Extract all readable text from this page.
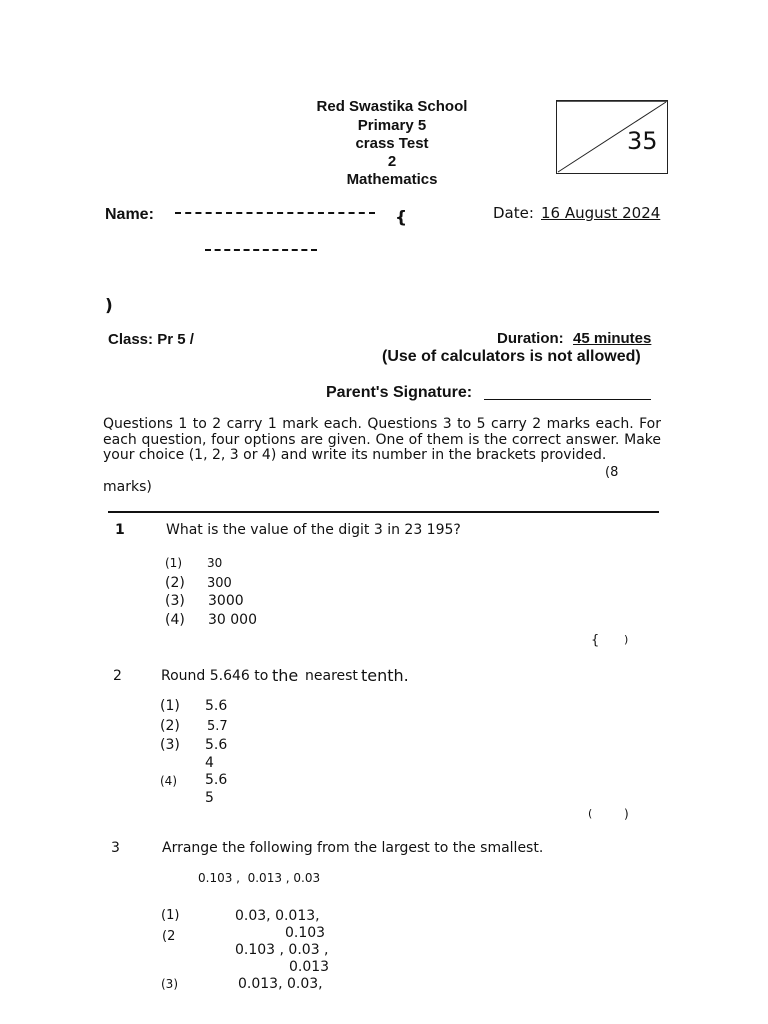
Red Swastika School
Primary 5
crass Test
2
Mathematics
35
Name:	{
)
Date: 16 August 2024
Class: Pr 5 /	Duration: 45 minutes
(Use of calculators is not allowed)
Parent's Signature:
Questions 1 to 2 carry 1 mark each. Questions 3 to 5 carry 2 marks each. For each question, four options are given. One of them is the correct answer. Make your choice (1, 2, 3 or 4) and write its number in the brackets provided.
(8
marks)
1	What is the value of the digit 3 in 23 195?
(1) 30
(2) 300
(3) 3000
(4) 30 000
{ )
2	Round 5.646 to the nearest tenth.
(1) 5.6
(2) 5.7
(3) 5.6
4
(4) 5.6
5
(	)
3	Arrange the following from the largest to the smallest.
0.103 ,  0.013 , 0.03
(1)	0.03, 0.013,
0.103
(2
0.103 , 0.03 ,
0.013
(3)	0.013, 0.03,
